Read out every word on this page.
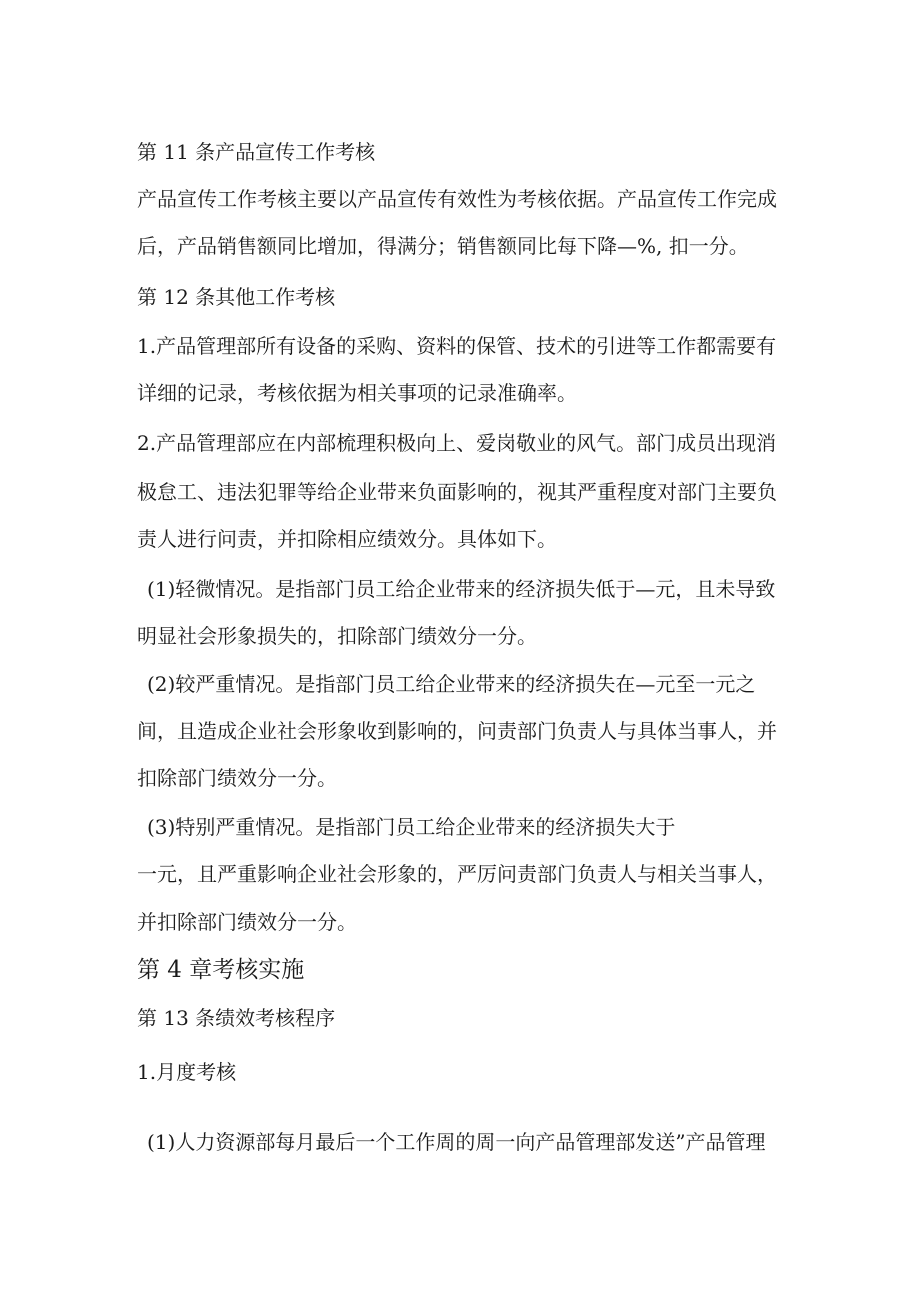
第 11 条产品宣传工作考核
产品宣传工作考核主要以产品宣传有效性为考核依据。产品宣传工作完成
后，产品销售额同比增加，得满分；销售额同比每下降—%, 扣一分。
第 12 条其他工作考核
1.产品管理部所有设备的采购、资料的保管、技术的引进等工作都需要有
详细的记录，考核依据为相关事项的记录准确率。
2.产品管理部应在内部梳理积极向上、爱岗敬业的风气。部门成员出现消
极怠工、违法犯罪等给企业带来负面影响的，视其严重程度对部门主要负
责人进行问责，并扣除相应绩效分。具体如下。
(1)轻微情况。是指部门员工给企业带来的经济损失低于—元，且未导致
明显社会形象损失的，扣除部门绩效分一分。
(2)较严重情况。是指部门员工给企业带来的经济损失在—元至一元之
间，且造成企业社会形象收到影响的，问责部门负责人与具体当事人，并
扣除部门绩效分一分。
(3)特别严重情况。是指部门员工给企业带来的经济损失大于
一元，且严重影响企业社会形象的，严厉问责部门负责人与相关当事人，
并扣除部门绩效分一分。
第 4 章考核实施
第 13 条绩效考核程序
1.月度考核
(1)人力资源部每月最后一个工作周的周一向产品管理部发送”产品管理
